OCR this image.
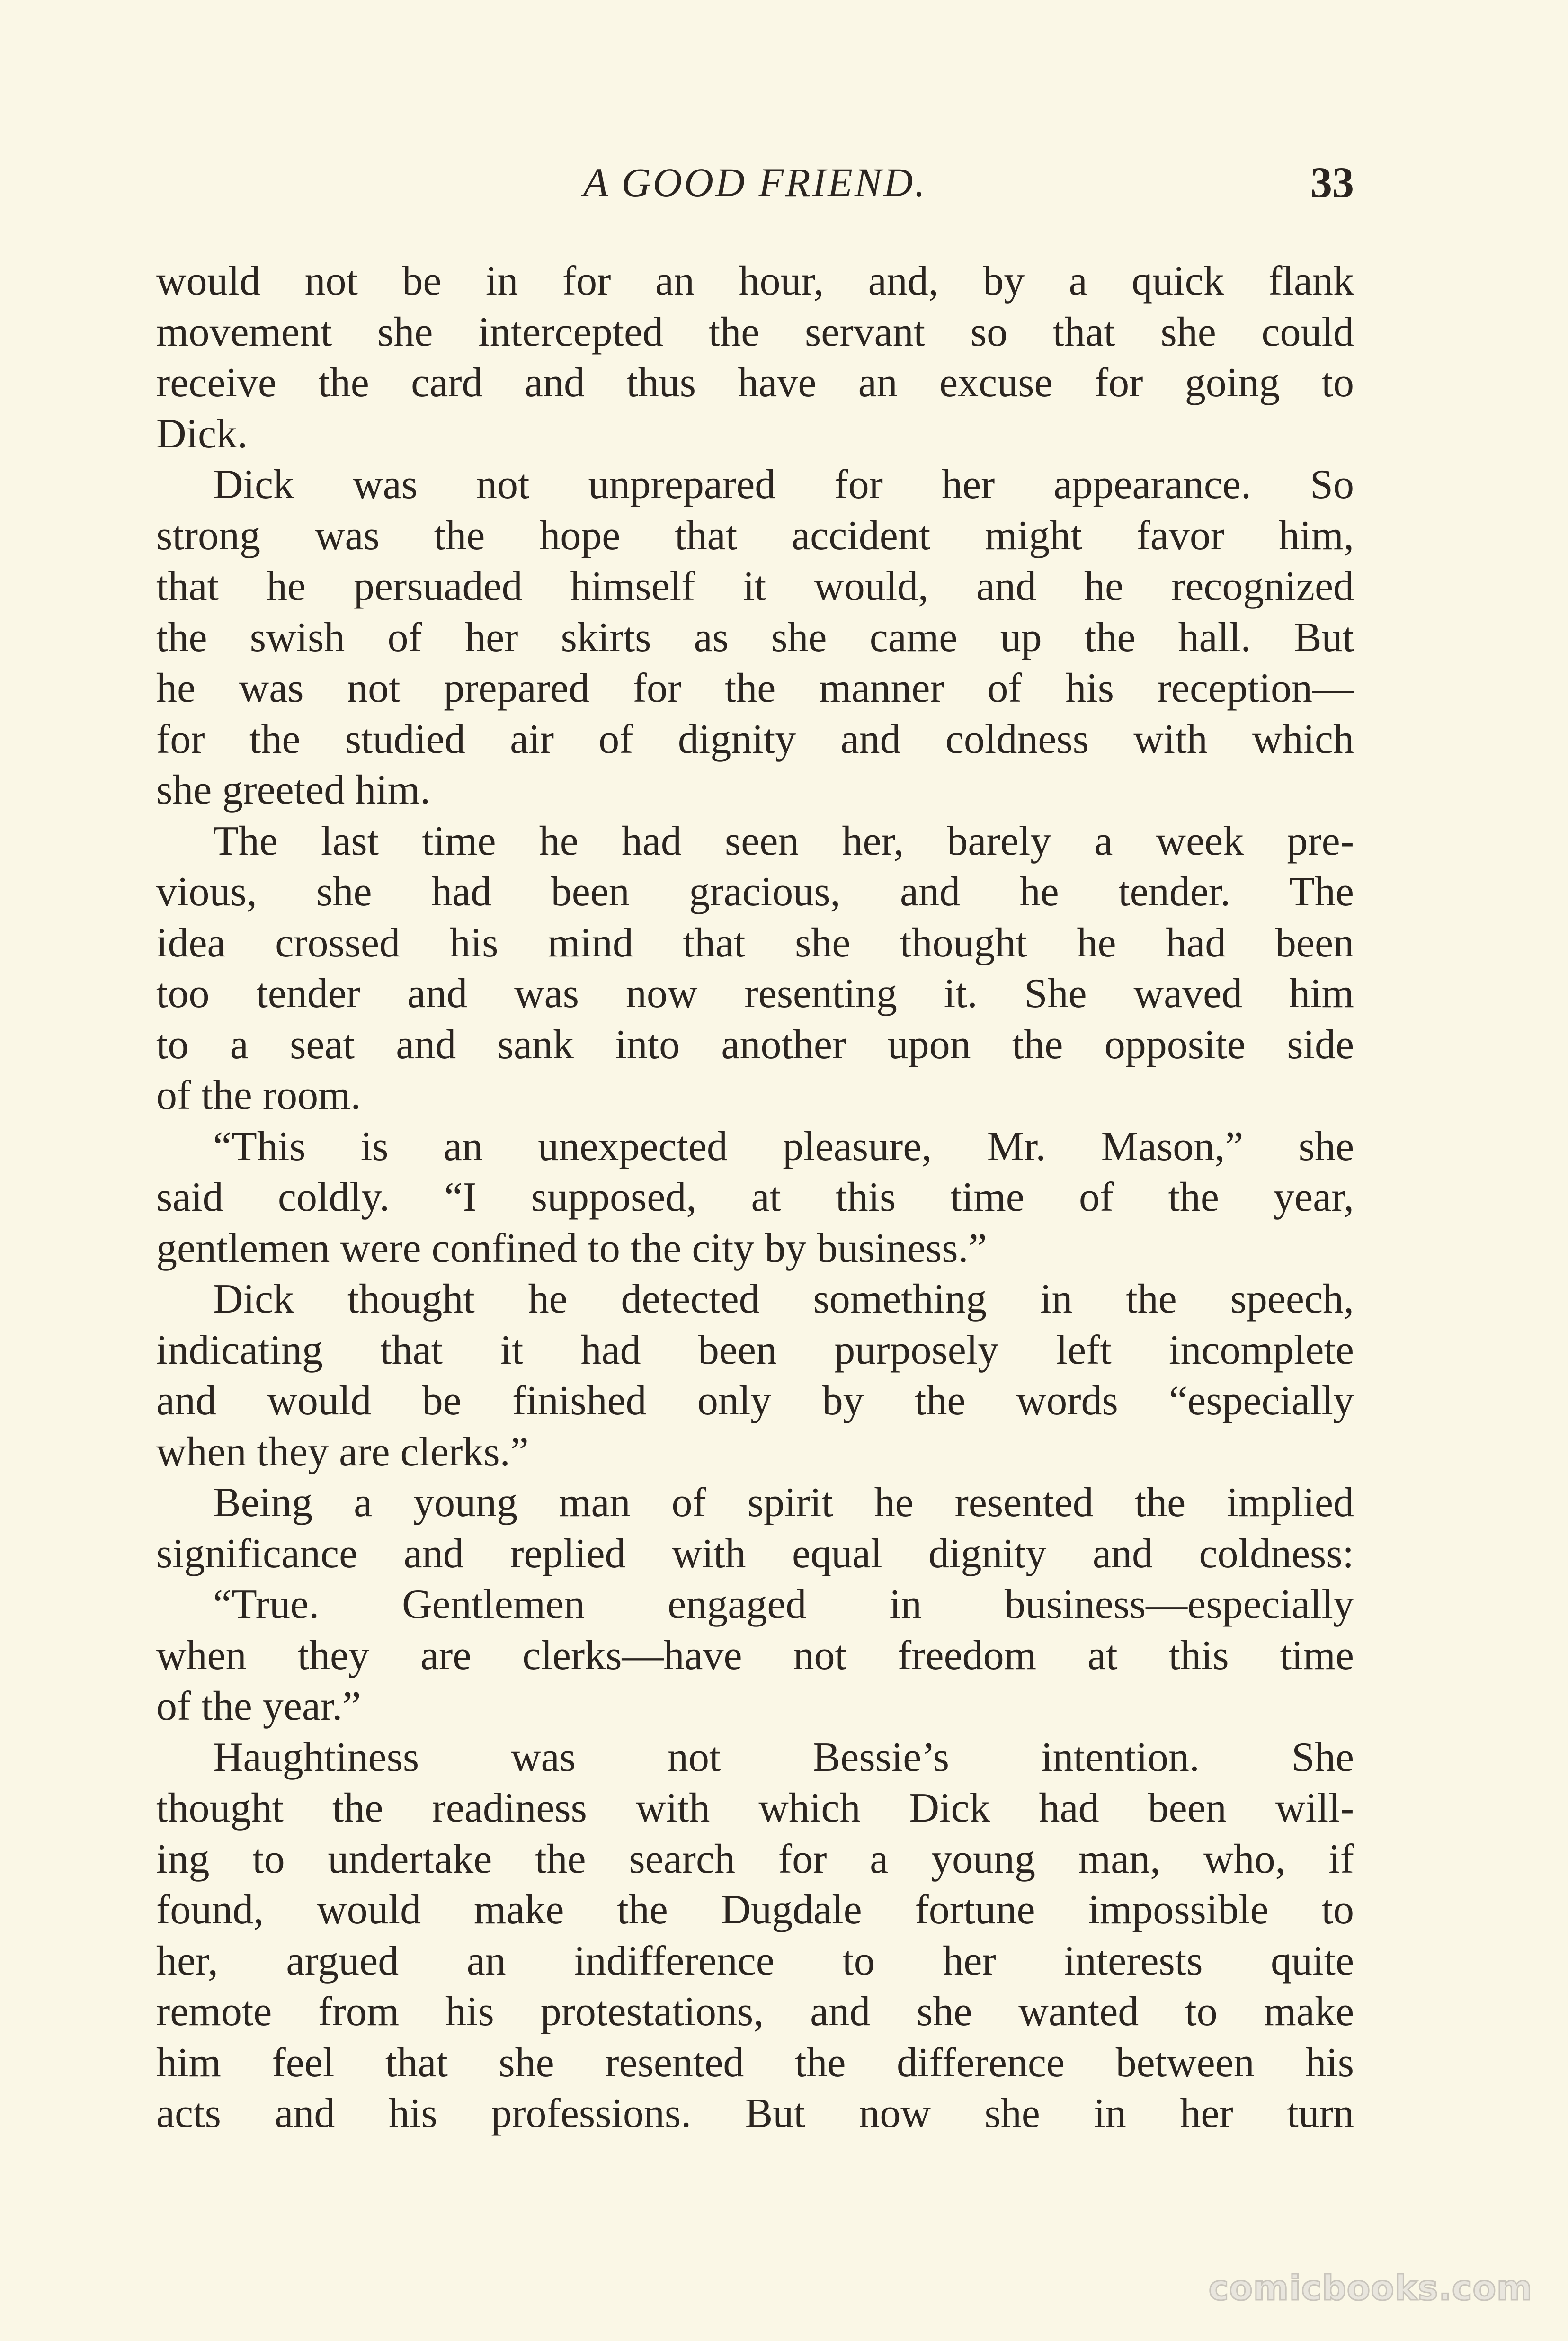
A GOOD FRIEND.	33
would not be in for an hour, and, by a quick flank
movement she intercepted the servant so that she could
receive the card and thus have an excuse for going to
Dick.
Dick was not unprepared for her appearance. So
strong was the hope that accident might favor him,
that he persuaded himself it would, and he recognized
the swish of her skirts as she came up the hall. But
he was not prepared for the manner of his reception—
for the studied air of dignity and coldness with which
she greeted him.
The last time he had seen her, barely a week pre-
vious, she had been gracious, and he tender. The
idea crossed his mind that she thought he had been
too tender and was now resenting it. She waved him
to a seat and sank into another upon the opposite side
of the room.
“This is an unexpected pleasure, Mr. Mason,” she
said coldly. “I supposed, at this time of the year,
gentlemen were confined to the city by business.”
Dick thought he detected something in the speech,
indicating that it had been purposely left incomplete
and would be finished only by the words “especially
when they are clerks.”
Being a young man of spirit he resented the implied
significance and replied with equal dignity and coldness:
“True. Gentlemen engaged in business—especially
when they are clerks—have not freedom at this time
of the year.”
Haughtiness was not Bessie’s intention. She
thought the readiness with which Dick had been will-
ing to undertake the search for a young man, who, if
found, would make the Dugdale fortune impossible to
her, argued an indifference to her interests quite
remote from his protestations, and she wanted to make
him feel that she resented the difference between his
acts and his professions. But now she in her turn
comicbooks.com
